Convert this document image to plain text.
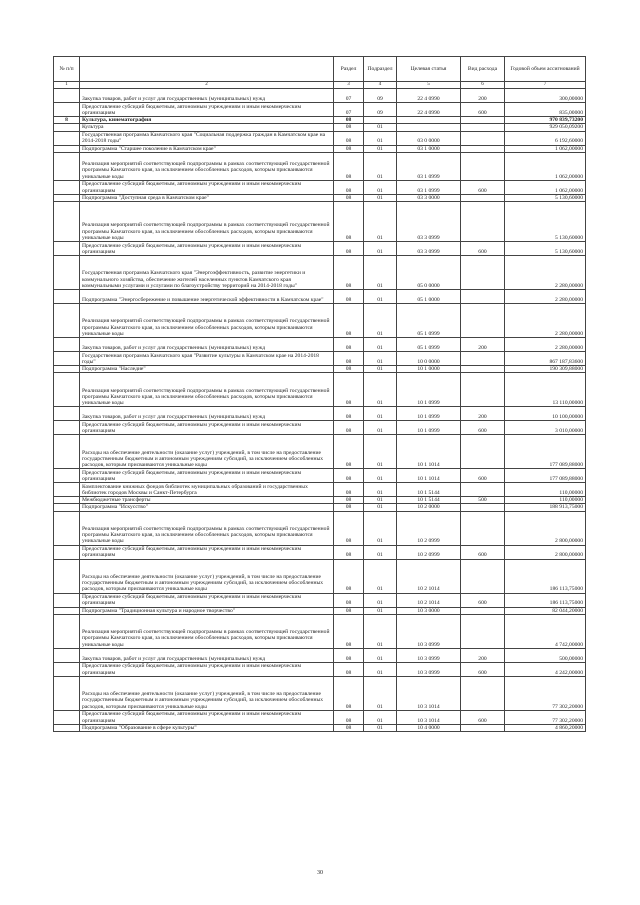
№ п/п		Раздел	Подраздел	Целевая статья	Вид расхода	Годовой объем ассигнований
1	2	3	4	5	6	7
	Закупка товаров, работ и услуг для государственных (муниципальных) нужд	07	09	22 4 0990	200	300,00000
	Предоставление субсидий бюджетным, автономным учреждениям и иным некоммерческим организациям	07	09	22 4 0990	600	835,00000
8	Культура, кинематография	08				970 839,73200
	Культура	08	01			929 050,09200
	Государственная программа Камчатского края "Социальная поддержка граждан в Камчатском крае на 2014-2018 годы"	08	01	03 0 0000		6 192,60000
	Подпрограмма "Старшее поколение в Камчатском крае"	08	01	03 1 0000		1 062,00000
	Реализация мероприятий соответствующей подпрограммы в рамках соответствующей государственной программы Камчатского края, за исключением обособленных расходов, которым присваиваются уникальные коды	08	01	03 1 0999		1 062,00000
	Предоставление субсидий бюджетным, автономным учреждениям и иным некоммерческим организациям	08	01	03 1 0999	600	1 062,00000
	Подпрограмма "Доступная среда в Камчатском крае"	08	01	03 3 0000		5 130,60000
	Реализация мероприятий соответствующей подпрограммы в рамках соответствующей государственной программы Камчатского края, за исключением обособленных расходов, которым присваиваются уникальные коды	08	01	03 3 0999		5 130,60000
	Предоставление субсидий бюджетным, автономным учреждениям и иным некоммерческим организациям	08	01	03 3 0999	600	5 130,60000
	Государственная программа Камчатского края "Энергоэффективность, развитие энергетики и коммунального хозяйства, обеспечение жителей населенных пунктов Камчатского края коммунальными услугами и услугами по благоустройству территорий на 2014-2018 годы"	08	01	05 0 0000		2 280,00000
	Подпрограмма "Энергосбережение и повышение энергетической эффективности в Камчатском крае"	08	01	05 1 0000		2 280,00000
	Реализация мероприятий соответствующей подпрограммы в рамках соответствующей государственной программы Камчатского края, за исключением обособленных расходов, которым присваиваются уникальные коды	08	01	05 1 0999		2 280,00000
	Закупка товаров, работ и услуг для государственных (муниципальных) нужд	08	01	05 1 0999	200	2 280,00000
	Государственная программа Камчатского края "Развитие культуры в Камчатском крае на 2014-2018 годы"	08	01	10 0 0000		867 187,83600
	Подпрограмма "Наследие"	08	01	10 1 0000		190 309,88000
	Реализация мероприятий соответствующей подпрограммы в рамках соответствующей государственной программы Камчатского края, за исключением обособленных расходов, которым присваиваются уникальные коды	08	01	10 1 0999		13 110,00000
	Закупка товаров, работ и услуг для государственных (муниципальных) нужд	08	01	10 1 0999	200	10 100,00000
	Предоставление субсидий бюджетным, автономным учреждениям и иным некоммерческим организациям	08	01	10 1 0999	600	3 010,00000
	Расходы на обеспечение деятельности (оказание услуг) учреждений, в том числе на предоставление государственным бюджетным и автономным учреждениям субсидий, за исключением обособленных расходов, которым присваиваются уникальные коды	08	01	10 1 1014		177 089,88000
	Предоставление субсидий бюджетным, автономным учреждениям и иным некоммерческим организациям	08	01	10 1 1014	600	177 089,88000
	Комплектование книжных фондов библиотек муниципальных образований и государственных библиотек городов Москвы и Санкт-Петербурга	08	01	10 1 5144		110,00000
	Межбюджетные трансферты	08	01	10 1 5144	500	110,00000
	Подпрограмма "Искусство"	08	01	10 2 0000		188 913,75000
	Реализация мероприятий соответствующей подпрограммы в рамках соответствующей государственной программы Камчатского края, за исключением обособленных расходов, которым присваиваются уникальные коды	08	01	10 2 0999		2 800,00000
	Предоставление субсидий бюджетным, автономным учреждениям и иным некоммерческим организациям	08	01	10 2 0999	600	2 800,00000
	Расходы на обеспечение деятельности (оказание услуг) учреждений, в том числе на предоставление государственным бюджетным и автономным учреждениям субсидий, за исключением обособленных расходов, которым присваиваются уникальные коды	08	01	10 2 1014		186 113,75000
	Предоставление субсидий бюджетным, автономным учреждениям и иным некоммерческим организациям	08	01	10 2 1014	600	186 113,75000
	Подпрограмма "Традиционная культура и народное творчество"	08	01	10 3 0000		82 044,20000
	Реализация мероприятий соответствующей подпрограммы в рамках соответствующей государственной программы Камчатского края, за исключением обособленных расходов, которым присваиваются уникальные коды	08	01	10 3 0999		4 742,00000
	Закупка товаров, работ и услуг для государственных (муниципальных) нужд	08	01	10 3 0999	200	500,00000
	Предоставление субсидий бюджетным, автономным учреждениям и иным некоммерческим организациям	08	01	10 3 0999	600	4 242,00000
	Расходы на обеспечение деятельности (оказание услуг) учреждений, в том числе на предоставление государственным бюджетным и автономным учреждениям субсидий, за исключением обособленных расходов, которым присваиваются уникальные коды	08	01	10 3 1014		77 302,20000
	Предоставление субсидий бюджетным, автономным учреждениям и иным некоммерческим организациям	08	01	10 3 1014	600	77 302,20000
	Подпрограмма "Образование в сфере культуры"	08	01	10 4 0000		4 860,20000
30
